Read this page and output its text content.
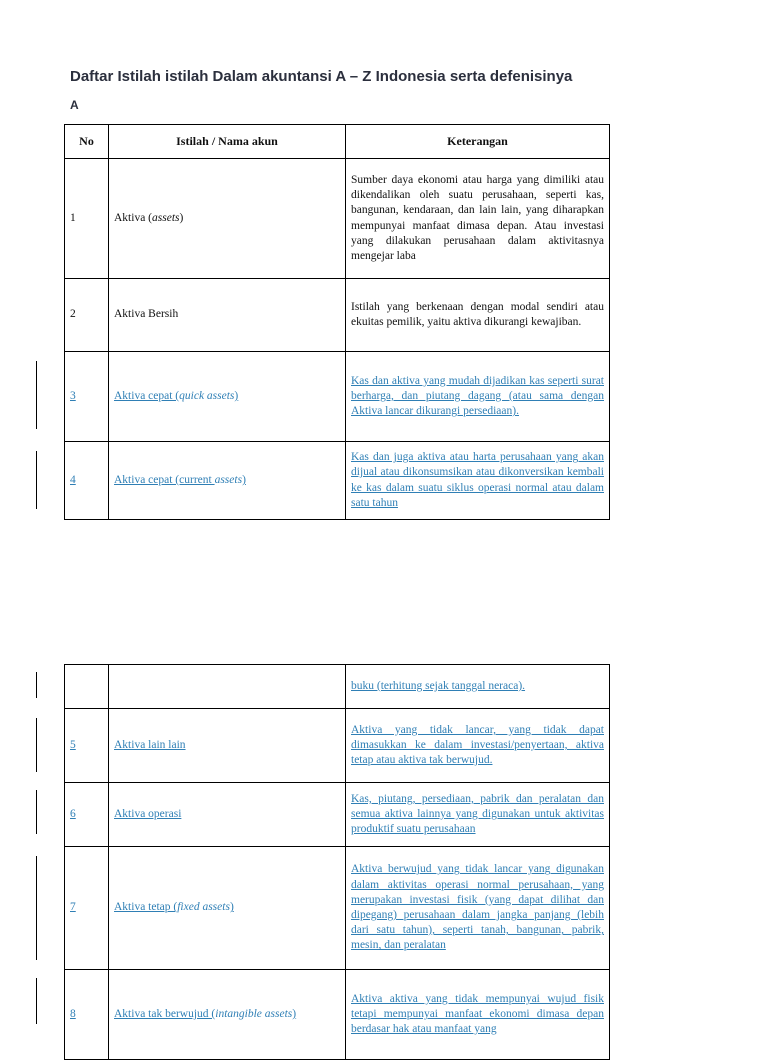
Daftar Istilah istilah Dalam akuntansi A – Z Indonesia serta defenisinya
A
No	Istilah / Nama akun	Keterangan
1	Aktiva (assets)	Sumber daya ekonomi atau harga yang dimiliki atau dikendalikan oleh suatu perusahaan, seperti kas, bangunan, kendaraan, dan lain lain, yang diharapkan mempunyai manfaat dimasa depan. Atau investasi yang dilakukan perusahaan dalam aktivitasnya mengejar laba
2	Aktiva Bersih	Istilah yang berkenaan dengan modal sendiri atau ekuitas pemilik, yaitu aktiva dikurangi kewajiban.
3	Aktiva cepat (quick assets)	Kas dan aktiva yang mudah dijadikan kas seperti surat berharga, dan piutang dagang (atau sama dengan Aktiva lancar dikurangi persediaan).
4	Aktiva cepat (current assets)	Kas dan juga aktiva atau harta perusahaan yang akan dijual atau dikonsumsikan atau dikonversikan kembali ke kas dalam suatu siklus operasi normal atau dalam satu tahun
		buku (terhitung sejak tanggal neraca).
5	Aktiva lain lain	Aktiva yang tidak lancar, yang tidak dapat dimasukkan ke dalam investasi/penyertaan, aktiva tetap atau aktiva tak berwujud.
6	Aktiva operasi	Kas, piutang, persediaan, pabrik dan peralatan dan semua aktiva lainnya yang digunakan untuk aktivitas produktif suatu perusahaan
7	Aktiva tetap (fixed assets)	Aktiva berwujud yang tidak lancar yang digunakan dalam aktivitas operasi normal perusahaan, yang merupakan investasi fisik (yang dapat dilihat dan dipegang) perusahaan dalam jangka panjang (lebih dari satu tahun), seperti tanah, bangunan, pabrik, mesin, dan peralatan
8	Aktiva tak berwujud (intangible assets)	Aktiva aktiva yang tidak mempunyai wujud fisik tetapi mempunyai manfaat ekonomi dimasa depan berdasar hak atau manfaat yang
